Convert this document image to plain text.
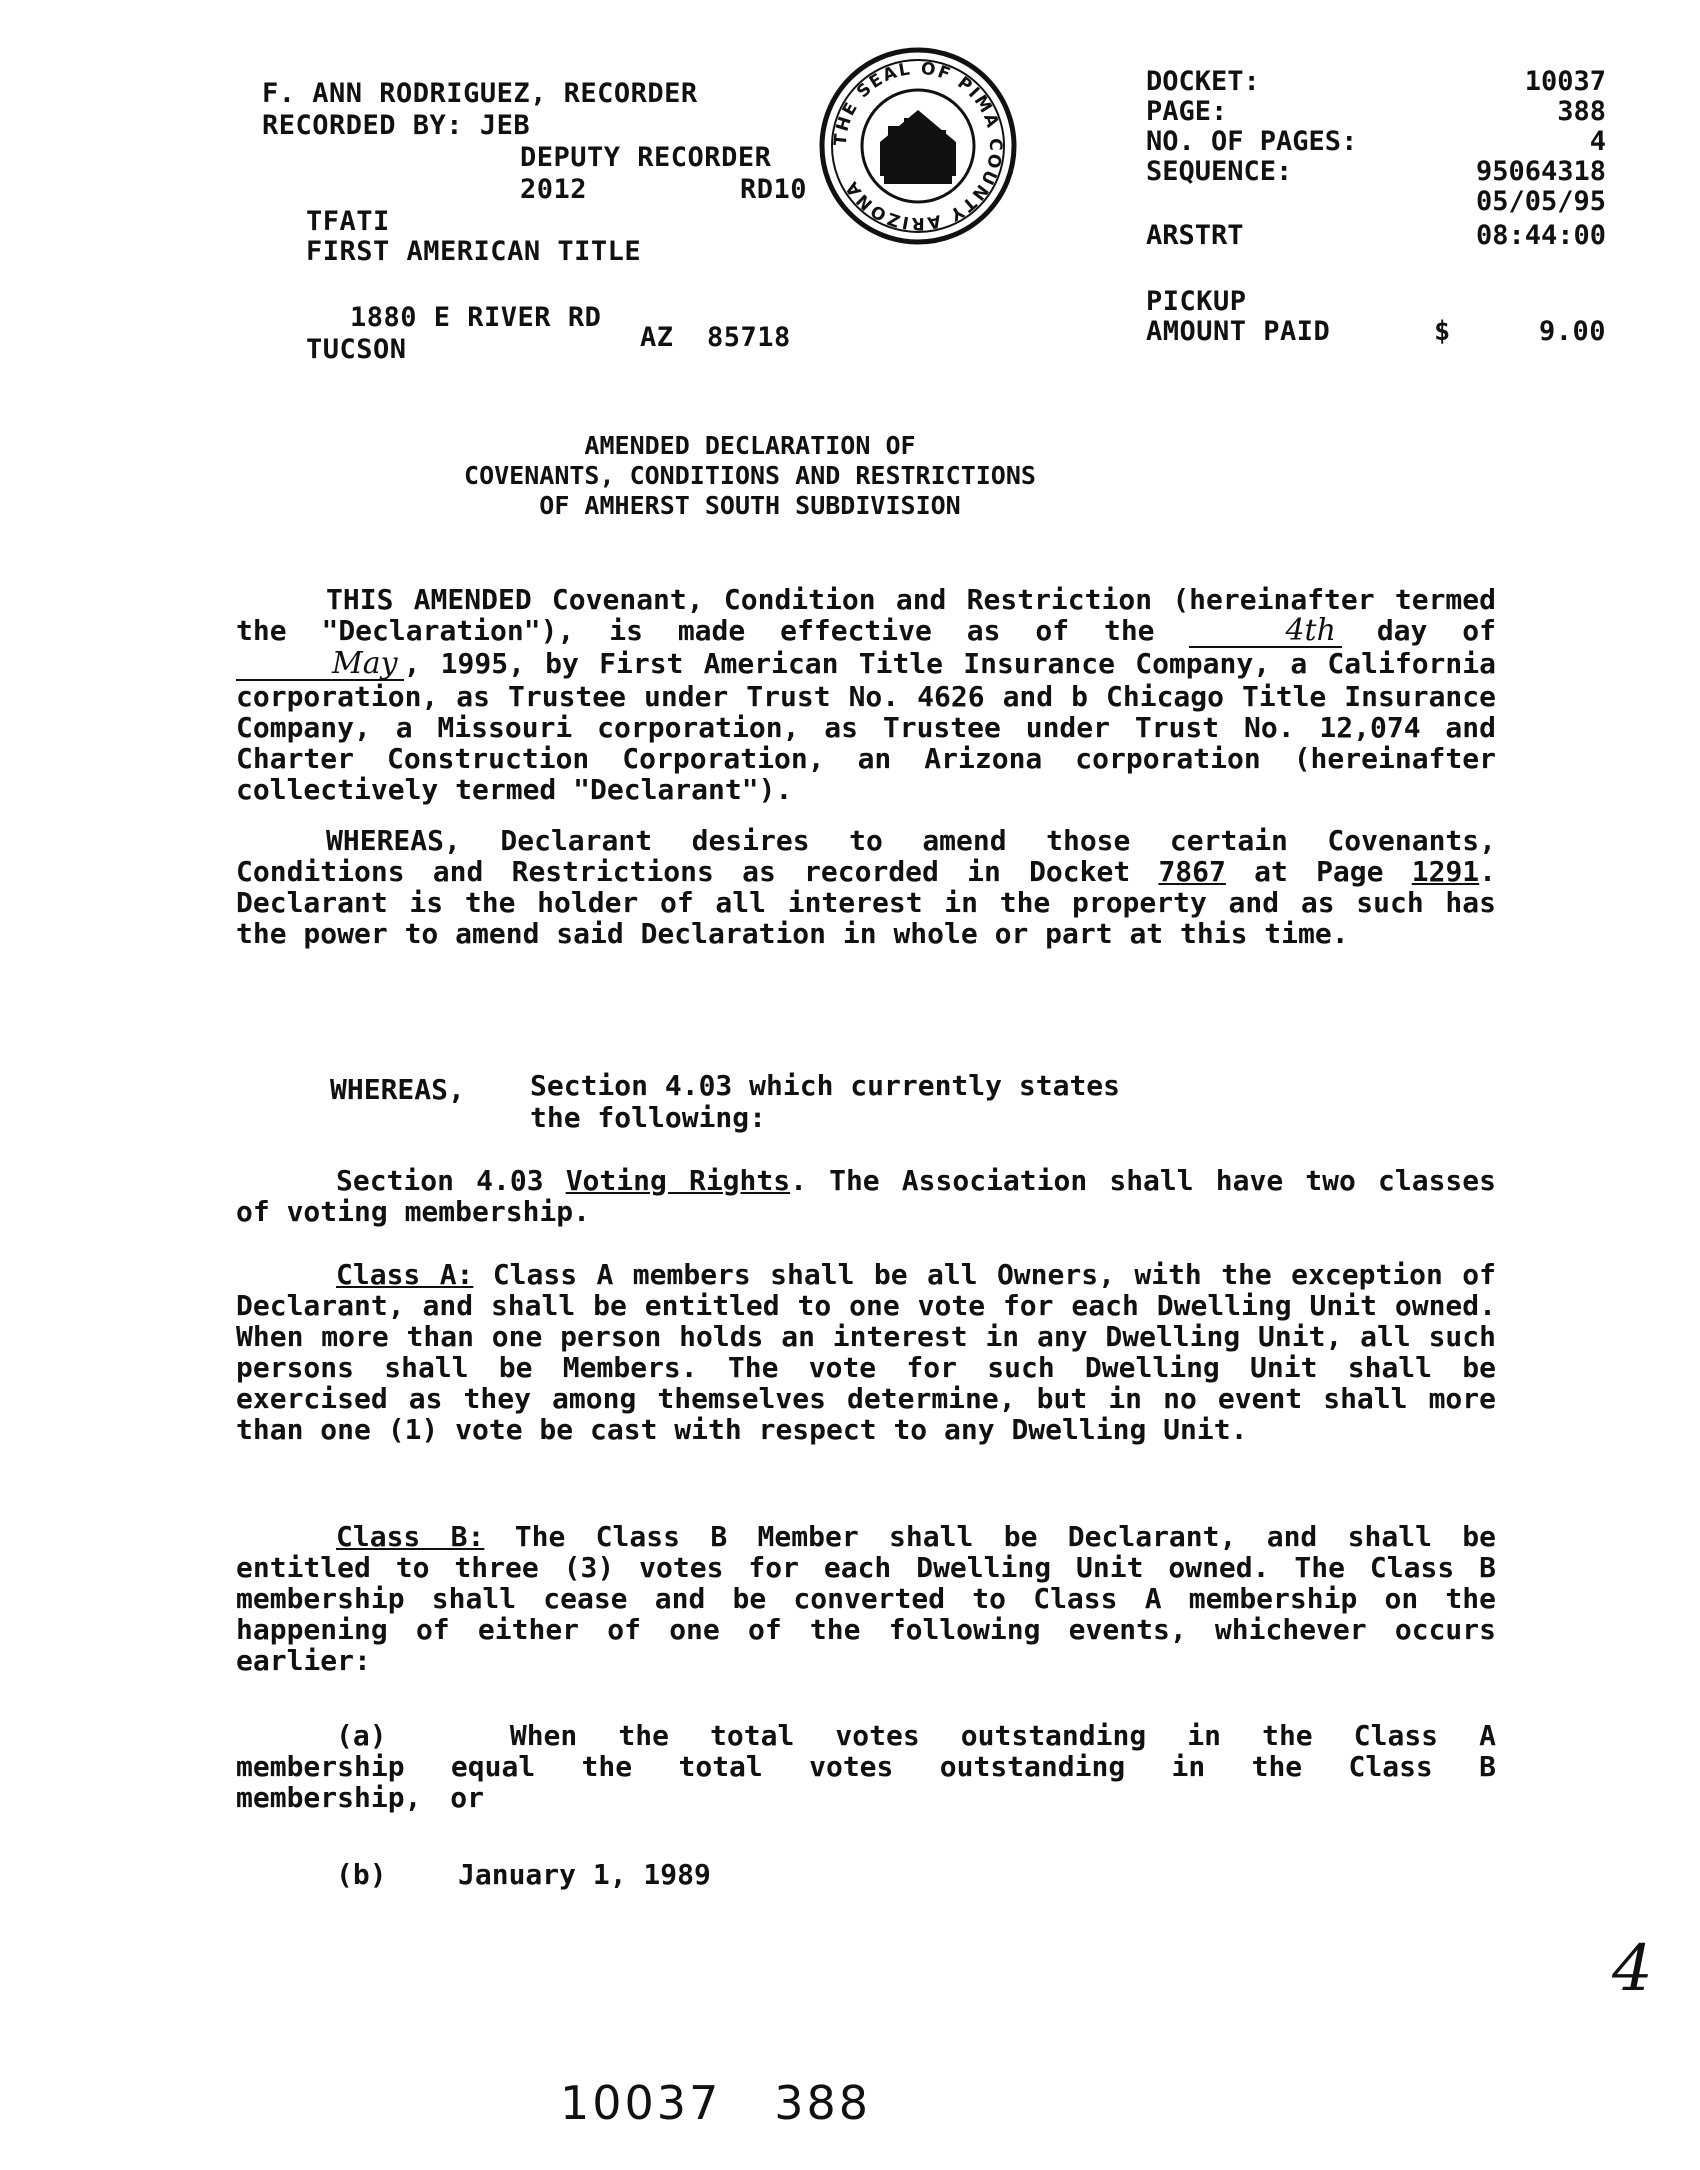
F. ANN RODRIGUEZ, RECORDER
RECORDED BY: JEB
DEPUTY RECORDER
2012	RD10
TFATI
FIRST AMERICAN TITLE
1880 E RIVER RD
TUCSON	AZ  85718
THE SEAL OF PIMA COUNTY ARIZONA
DOCKET:	10037
PAGE:	388
NO. OF PAGES:	4
SEQUENCE:	95064318
05/05/95
ARSTRT	08:44:00
PICKUP
AMOUNT PAID	$	9.00
AMENDED DECLARATION OF
COVENANTS, CONDITIONS AND RESTRICTIONS
OF AMHERST SOUTH SUBDIVISION
THIS AMENDED Covenant, Condition and Restriction (hereinafter termed the "Declaration"), is made effective as of the	4th day of May , 1995, by First American Title Insurance Company, a California corporation, as Trustee under Trust No. 4626 and b Chicago Title Insurance Company, a Missouri corporation, as Trustee under Trust No. 12,074 and Charter Construction Corporation, an Arizona corporation (hereinafter collectively termed "Declarant").
WHEREAS, Declarant desires to amend those certain Covenants, Conditions and Restrictions as recorded in Docket 7867 at Page 1291. Declarant is the holder of all interest in the property and as such has the power to amend said Declaration in whole or part at this time.
WHEREAS, Section 4.03 which currently states
the following:
Section 4.03 Voting Rights. The Association shall have two classes of voting membership.
Class A: Class A members shall be all Owners, with the exception of Declarant, and shall be entitled to one vote for each Dwelling Unit owned. When more than one person holds an interest in any Dwelling Unit, all such persons shall be Members. The vote for such Dwelling Unit shall be exercised as they among themselves determine, but in no event shall more than one (1) vote be cast with respect to any Dwelling Unit.
Class B: The Class B Member shall be Declarant, and shall be entitled to three (3) votes for each Dwelling Unit owned. The Class B membership shall cease and be converted to Class A membership on the happening of either of one of the following events, whichever occurs earlier:
(a)	When the total votes outstanding in the Class A membership equal the total votes outstanding in the Class B membership, or
(b)	January 1, 1989
10037 388
4
